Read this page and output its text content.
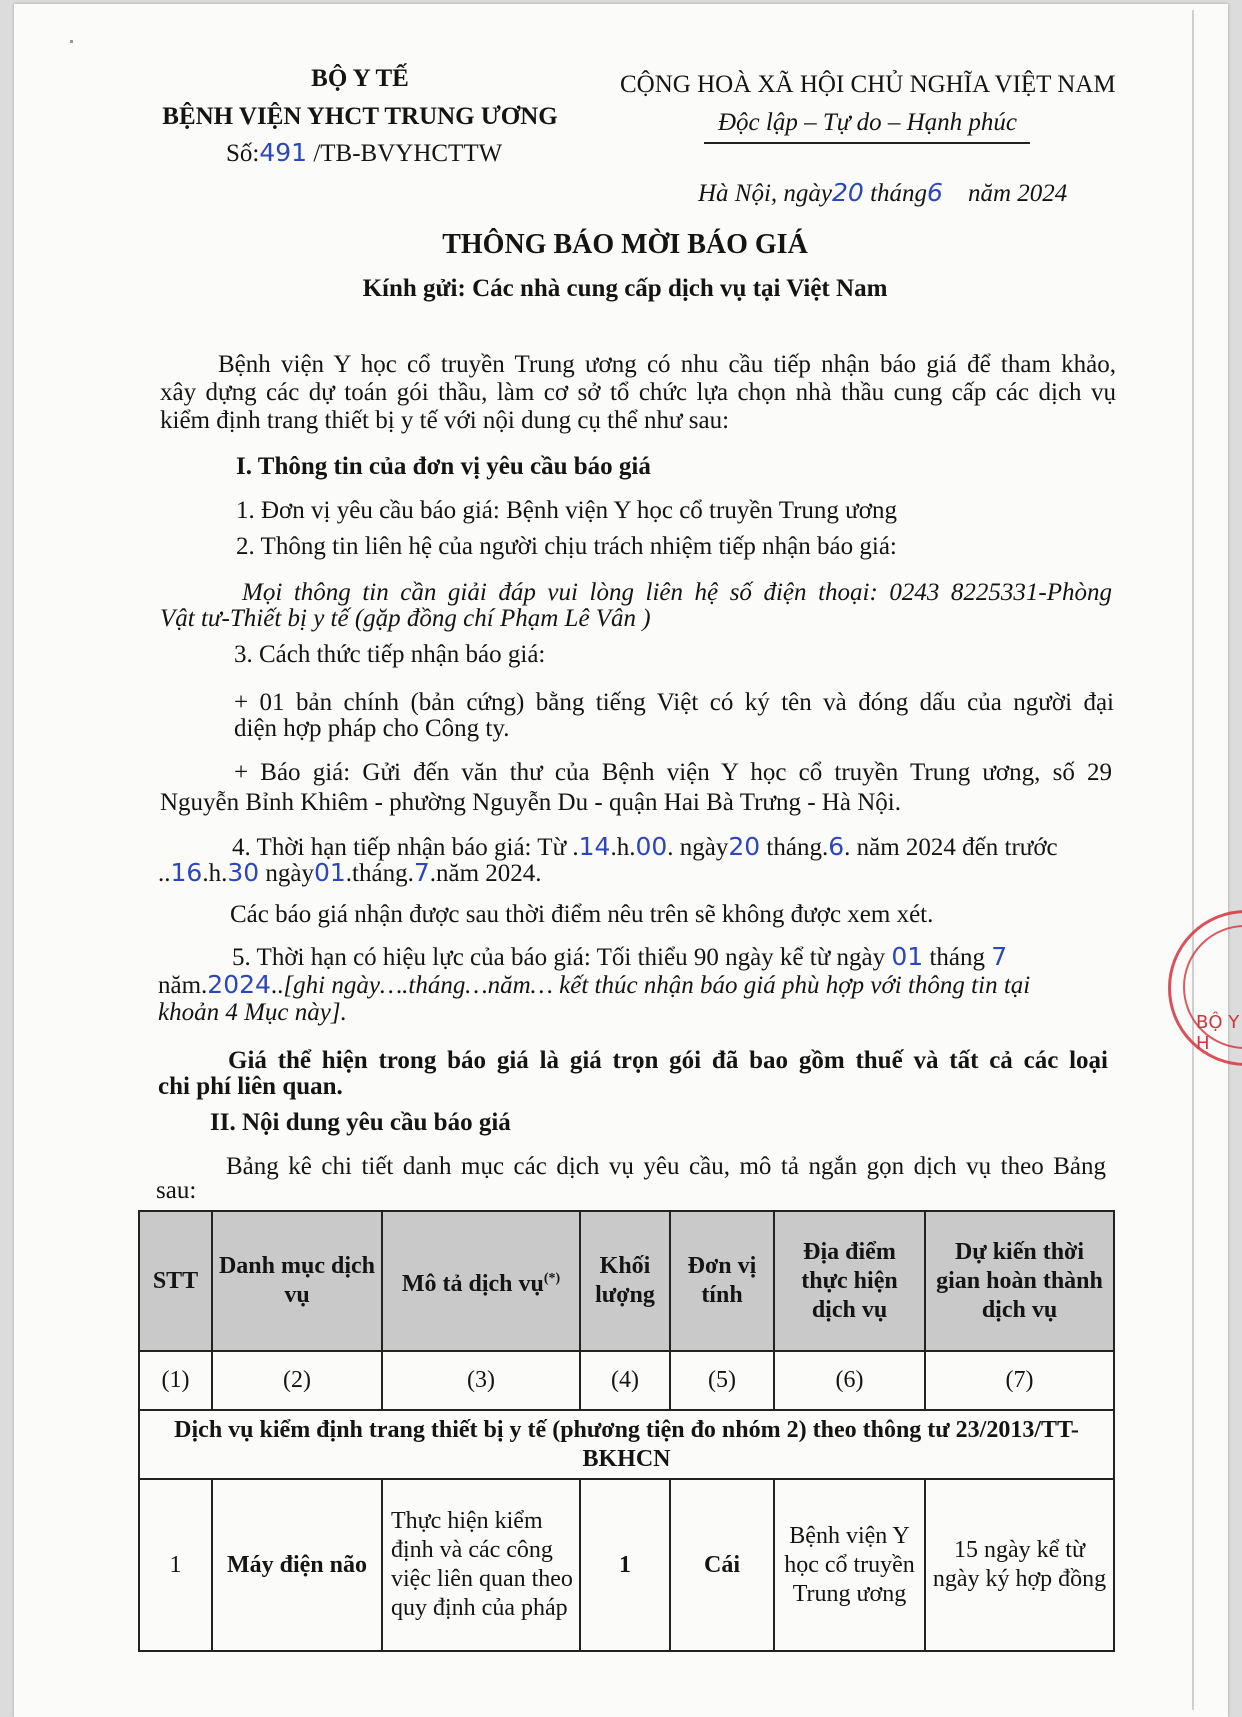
BỘ Y TẾ
BỆNH VIỆN YHCT TRUNG ƯƠNG
Số:491 /TB-BVYHCTTW
CỘNG HOÀ XÃ HỘI CHỦ NGHĨA VIỆT NAM
Độc lập – Tự do – Hạnh phúc
Hà Nội, ngày20 tháng6 năm 2024
THÔNG BÁO MỜI BÁO GIÁ
Kính gửi: Các nhà cung cấp dịch vụ tại Việt Nam
Bệnh viện Y học cổ truyền Trung ương có nhu cầu tiếp nhận báo giá để tham khảo,
xây dựng các dự toán gói thầu, làm cơ sở tổ chức lựa chọn nhà thầu cung cấp các dịch vụ
kiểm định trang thiết bị y tế với nội dung cụ thể như sau:
I. Thông tin của đơn vị yêu cầu báo giá
1. Đơn vị yêu cầu báo giá: Bệnh viện Y học cổ truyền Trung ương
2. Thông tin liên hệ của người chịu trách nhiệm tiếp nhận báo giá:
Mọi thông tin cần giải đáp vui lòng liên hệ số điện thoại: 0243 8225331-Phòng
Vật tư-Thiết bị y tế (gặp đồng chí Phạm Lê Vân )
3. Cách thức tiếp nhận báo giá:
+ 01 bản chính (bản cứng) bằng tiếng Việt có ký tên và đóng dấu của người đại
diện hợp pháp cho Công ty.
+ Báo giá: Gửi đến văn thư của Bệnh viện Y học cổ truyền Trung ương, số 29
Nguyễn Bỉnh Khiêm - phường Nguyễn Du - quận Hai Bà Trưng - Hà Nội.
4. Thời hạn tiếp nhận báo giá: Từ .14.h.00. ngày20 tháng.6. năm 2024 đến trước
..16.h.30 ngày01.tháng.7.năm 2024.
Các báo giá nhận được sau thời điểm nêu trên sẽ không được xem xét.
5. Thời hạn có hiệu lực của báo giá: Tối thiểu 90 ngày kể từ ngày 01 tháng 7
năm.2024..[ghi ngày….tháng…năm… kết thúc nhận báo giá phù hợp với thông tin tại
khoản 4 Mục này].
Giá thể hiện trong báo giá là giá trọn gói đã bao gồm thuế và tất cả các loại
chi phí liên quan.
II. Nội dung yêu cầu báo giá
Bảng kê chi tiết danh mục các dịch vụ yêu cầu, mô tả ngắn gọn dịch vụ theo Bảng
sau:
STT	Danh mục dịch vụ	Mô tả dịch vụ(*)	Khối lượng	Đơn vị tính	Địa điểm thực hiện dịch vụ	Dự kiến thời gian hoàn thành dịch vụ
(1)	(2)	(3)	(4)	(5)	(6)	(7)
Dịch vụ kiểm định trang thiết bị y tế (phương tiện đo nhóm 2) theo thông tư 23/2013/TT-BKHCN						
1	Máy điện não	Thực hiện kiểm định và các công việc liên quan theo quy định của pháp	1	Cái	Bệnh viện Y học cổ truyền Trung ương	15 ngày kể từ ngày ký hợp đồng
BỘ Y H
